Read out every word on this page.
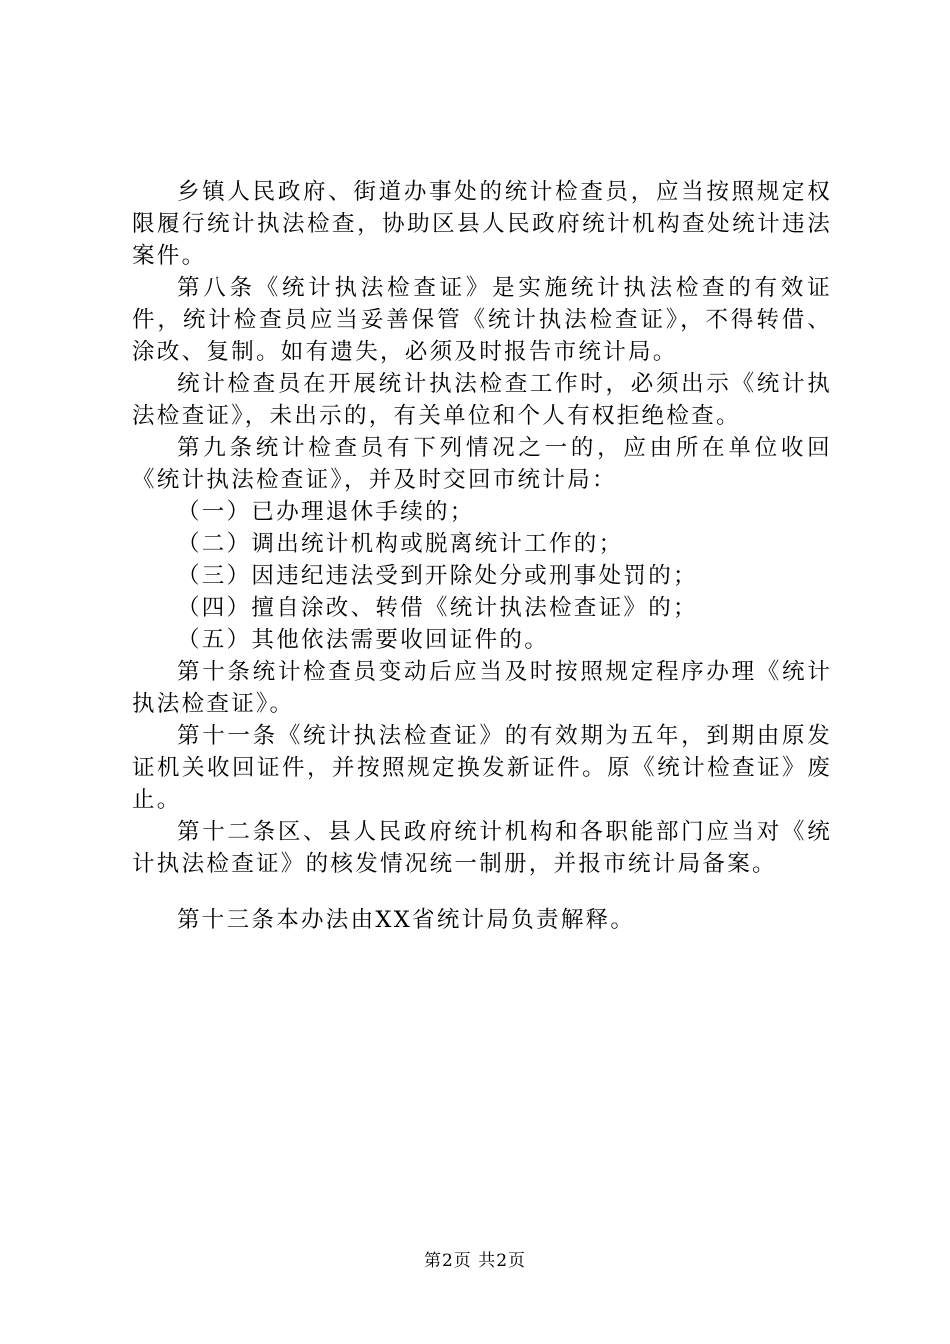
乡镇人民政府、街道办事处的统计检查员，应当按照规定权限履行统计执法检查，协助区县人民政府统计机构查处统计违法案件。

第八条《统计执法检查证》是实施统计执法检查的有效证件，统计检查员应当妥善保管《统计执法检查证》，不得转借、涂改、复制。如有遗失，必须及时报告市统计局。

统计检查员在开展统计执法检查工作时，必须出示《统计执法检查证》，未出示的，有关单位和个人有权拒绝检查。

第九条统计检查员有下列情况之一的，应由所在单位收回《统计执法检查证》，并及时交回市统计局：

（一）已办理退休手续的；

（二）调出统计机构或脱离统计工作的；

（三）因违纪违法受到开除处分或刑事处罚的；

（四）擅自涂改、转借《统计执法检查证》的；

（五）其他依法需要收回证件的。

第十条统计检查员变动后应当及时按照规定程序办理《统计执法检查证》。

第十一条《统计执法检查证》的有效期为五年，到期由原发证机关收回证件，并按照规定换发新证件。原《统计检查证》废止。

第十二条区、县人民政府统计机构和各职能部门应当对《统计执法检查证》的核发情况统一制册，并报市统计局备案。

第十三条本办法由XX省统计局负责解释。

第2页 共2页
